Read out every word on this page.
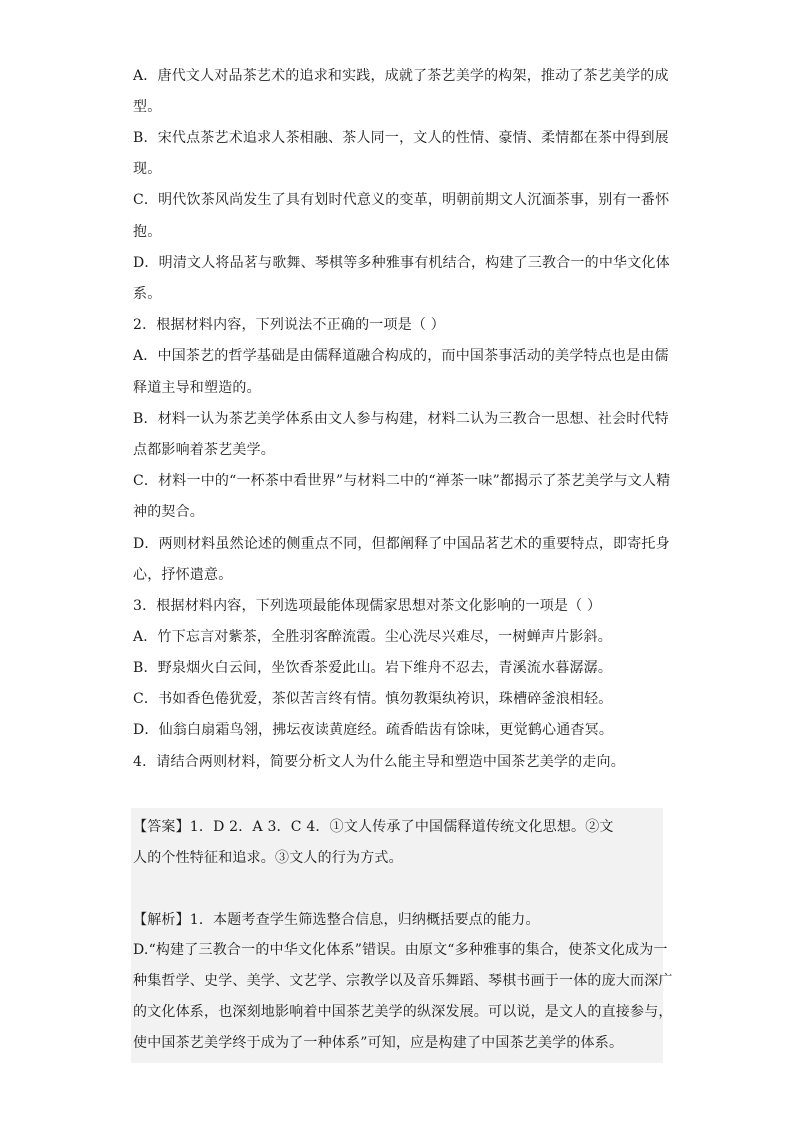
A．唐代文人对品茶艺术的追求和实践，成就了茶艺美学的构架，推动了茶艺美学的成
型。
B．宋代点茶艺术追求人茶相融、茶人同一，文人的性情、豪情、柔情都在茶中得到展
现。
C．明代饮茶风尚发生了具有划时代意义的变革，明朝前期文人沉湎茶事，别有一番怀
抱。
D．明清文人将品茗与歌舞、琴棋等多种雅事有机结合，构建了三教合一的中华文化体
系。
2．根据材料内容，下列说法不正确的一项是（ ）
A．中国茶艺的哲学基础是由儒释道融合构成的，而中国茶事活动的美学特点也是由儒
释道主导和塑造的。
B．材料一认为茶艺美学体系由文人参与构建，材料二认为三教合一思想、社会时代特
点都影响着茶艺美学。
C．材料一中的“一杯茶中看世界”与材料二中的“禅茶一味”都揭示了茶艺美学与文人精
神的契合。
D．两则材料虽然论述的侧重点不同，但都阐释了中国品茗艺术的重要特点，即寄托身
心，抒怀遣意。
3．根据材料内容，下列选项最能体现儒家思想对茶文化影响的一项是（ ）
A．竹下忘言对紫茶，全胜羽客醉流霞。尘心洗尽兴难尽，一树蝉声片影斜。
B．野泉烟火白云间，坐饮香茶爱此山。岩下维舟不忍去，青溪流水暮潺潺。
C．书如香色倦犹爱，茶似苦言终有情。慎勿教渠纨袴识，珠槽碎釜浪相轻。
D．仙翁白扇霜鸟翎，拂坛夜读黄庭经。疏香皓齿有馀味，更觉鹤心通杳冥。
4．请结合两则材料，简要分析文人为什么能主导和塑造中国茶艺美学的走向。
【答案】1．D 2．A 3．C 4．①文人传承了中国儒释道传统文化思想。②文
人的个性特征和追求。③文人的行为方式。
【解析】1．本题考查学生筛选整合信息，归纳概括要点的能力。
D.“构建了三教合一的中华文化体系”错误。由原文“多种雅事的集合，使茶文化成为一
种集哲学、史学、美学、文艺学、宗教学以及音乐舞蹈、琴棋书画于一体的庞大而深广
的文化体系，也深刻地影响着中国茶艺美学的纵深发展。可以说，是文人的直接参与，
使中国茶艺美学终于成为了一种体系”可知，应是构建了中国茶艺美学的体系。
